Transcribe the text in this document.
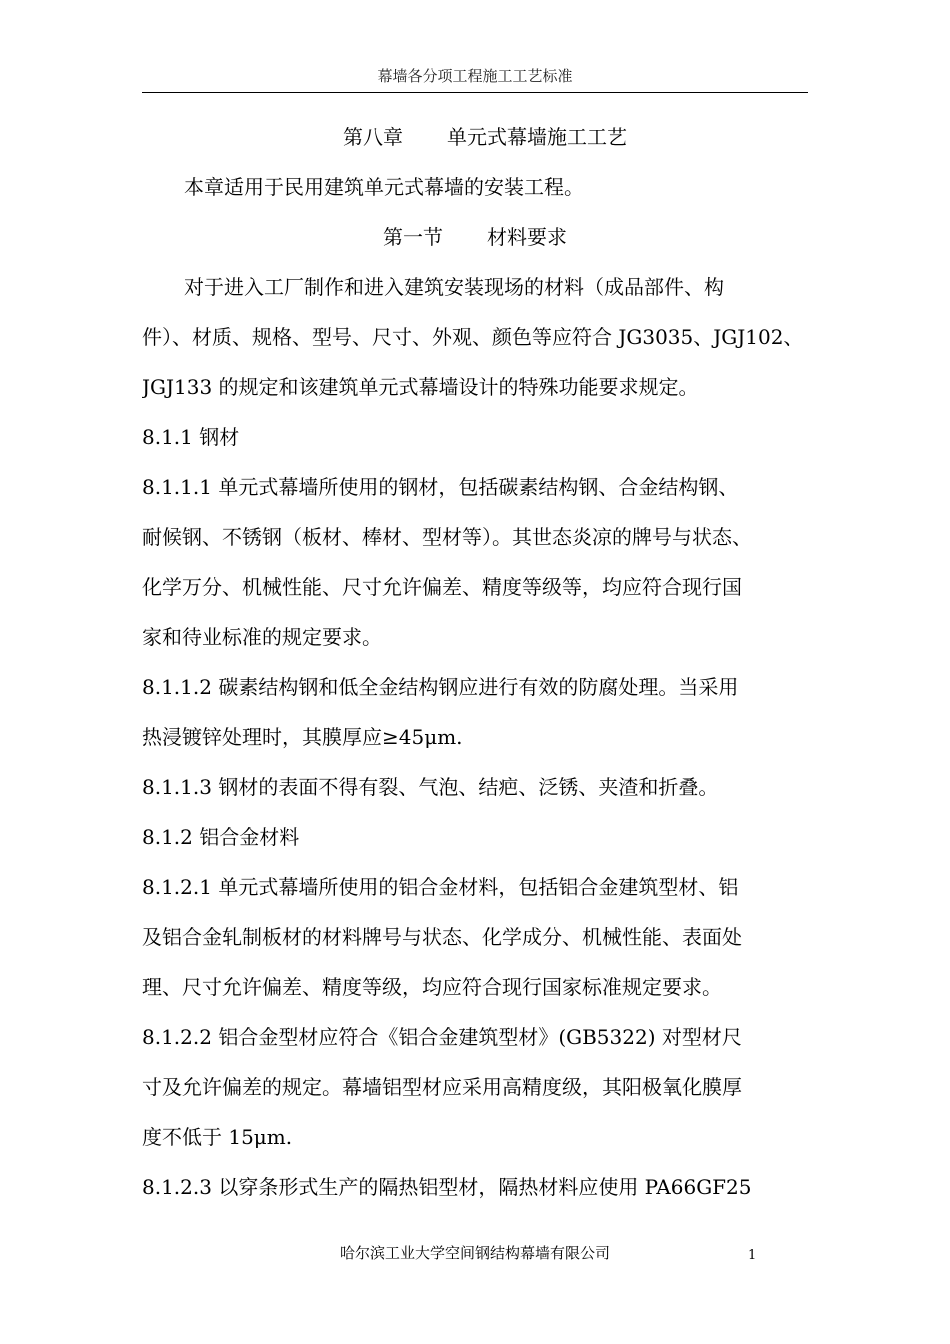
幕墙各分项工程施工工艺标准
第八章 单元式幕墙施工工艺
本章适用于民用建筑单元式幕墙的安装工程。
第一节 材料要求
对于进入工厂制作和进入建筑安装现场的材料（成品部件、构
件）、材质、规格、型号、尺寸、外观、颜色等应符合 JG3035、JGJ102、
JGJ133 的规定和该建筑单元式幕墙设计的特殊功能要求规定。
8.1.1 钢材
8.1.1.1 单元式幕墙所使用的钢材，包括碳素结构钢、合金结构钢、
耐候钢、不锈钢（板材、棒材、型材等）。其世态炎凉的牌号与状态、
化学万分、机械性能、尺寸允许偏差、精度等级等，均应符合现行国
家和待业标准的规定要求。
8.1.1.2 碳素结构钢和低全金结构钢应进行有效的防腐处理。当采用
热浸镀锌处理时，其膜厚应≥45μm.
8.1.1.3 钢材的表面不得有裂、气泡、结疤、泛锈、夹渣和折叠。
8.1.2 铝合金材料
8.1.2.1 单元式幕墙所使用的铝合金材料，包括铝合金建筑型材、铝
及铝合金轧制板材的材料牌号与状态、化学成分、机械性能、表面处
理、尺寸允许偏差、精度等级，均应符合现行国家标准规定要求。
8.1.2.2 铝合金型材应符合《铝合金建筑型材》(GB5322) 对型材尺
寸及允许偏差的规定。幕墙铝型材应采用高精度级，其阳极氧化膜厚
度不低于 15μm.
8.1.2.3 以穿条形式生产的隔热铝型材，隔热材料应使用 PA66GF25
哈尔滨工业大学空间钢结构幕墙有限公司	1
